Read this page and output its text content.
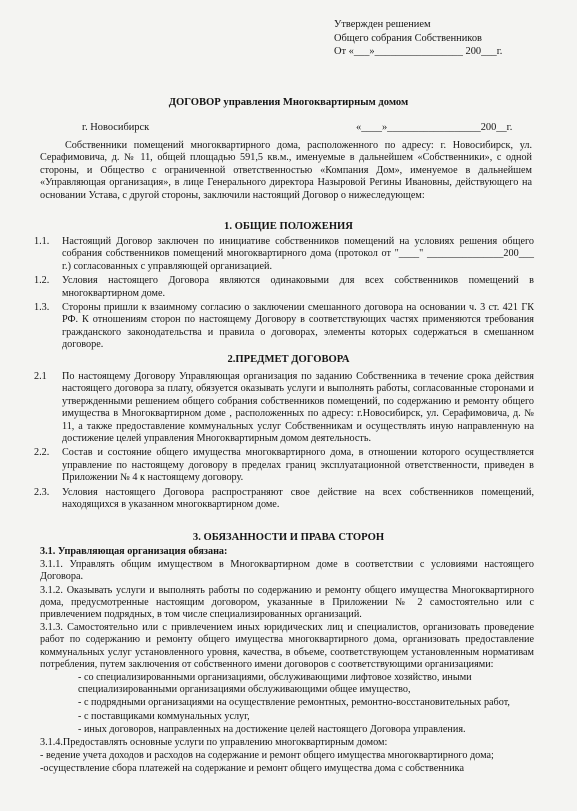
Утвержден решением
Общего собрания Собственников
От «___»_________________ 200___г.
ДОГОВОР управления Многоквартирным домом
г. Новосибирск	«____»__________________200__г.
Собственники помещений многоквартирного дома, расположенного по адресу: г. Новосибирск, ул. Серафимовича, д. № 11, общей площадью 591,5 кв.м., именуемые в дальнейшем «Собственники», с одной стороны, и Общество с ограниченной ответственностью «Компания Дом», именуемое в дальнейшем «Управляющая организация», в лице Генерального директора Назыровой Регины Ивановны, действующего на основании Устава, с другой стороны, заключили настоящий Договор о нижеследующем:
1. ОБЩИЕ ПОЛОЖЕНИЯ
1.1.	Настоящий Договор заключен по инициативе собственников помещений на условиях решения общего собрания собственников помещений многоквартирного дома (протокол от "____" _______________200___ г.) согласованных с управляющей организацией.
1.2.	Условия настоящего Договора являются одинаковыми для всех собственников помещений в многоквартирном доме.
1.3.	Стороны пришли к взаимному согласию о заключении смешанного договора на основании ч. 3 ст. 421 ГК РФ. К отношениям сторон по настоящему Договору в соответствующих частях применяются требования гражданского законодательства и правила о договорах, элементы которых содержаться в смешанном договоре.
2.ПРЕДМЕТ ДОГОВОРА
2.1	По настоящему Договору Управляющая организация по заданию Собственника в течение срока действия настоящего договора за плату, обязуется оказывать услуги и выполнять работы, согласованные сторонами и утвержденными решением общего собрания собственников помещений, по содержанию и ремонту общего имущества в Многоквартирном доме , расположенных по адресу: г.Новосибирск, ул. Серафимовича, д. № 11, а также предоставление коммунальных услуг Собственникам и осуществлять иную направленную на достижение целей управления Многоквартирным домом деятельность.
2.2.	Состав и состояние общего имущества многоквартирного дома, в отношении которого осуществляется управление по настоящему договору в пределах границ эксплуатационной ответственности, приведен в Приложении № 4 к настоящему договору.
2.3.	Условия настоящего Договора распространяют свое действие на всех собственников помещений, находящихся в указанном многоквартирном доме.
3. ОБЯЗАННОСТИ И ПРАВА СТОРОН

3.1. Управляющая организация обязана:

3.1.1. Управлять общим имуществом в Многоквартирном доме в соответствии с условиями настоящего Договора.

3.1.2. Оказывать услуги и выполнять работы по содержанию и ремонту общего имущества Многоквартирного дома, предусмотренные настоящим договором, указанные в Приложении № 2 самостоятельно или с привлечением подрядных, в том числе специализированных организаций.

3.1.3. Самостоятельно или с привлечением иных юридических лиц и специалистов, организовать проведение работ по содержанию и ремонту общего имущества многоквартирного дома, организовать предоставление коммунальных услуг установленного уровня, качества, в объеме, соответствующем установленным нормативам потребления, путем заключения от собственного имени договоров с соответствующими организациями:

- со специализированными организациями, обслуживающими лифтовое хозяйство, иными специализированными организациями обслуживающими общее имущество,

- с подрядными организациями на осуществление ремонтных, ремонтно-восстановительных работ,

- с поставщиками коммунальных услуг,

- иных договоров, направленных на достижение целей настоящего Договора управления.

3.1.4.Предоставлять основные услуги по управлению многоквартирным домом:

- ведение учета доходов и расходов на содержание и ремонт общего имущества многоквартирного дома;

-осуществление сбора платежей на содержание и ремонт общего имущества дома с собственника
